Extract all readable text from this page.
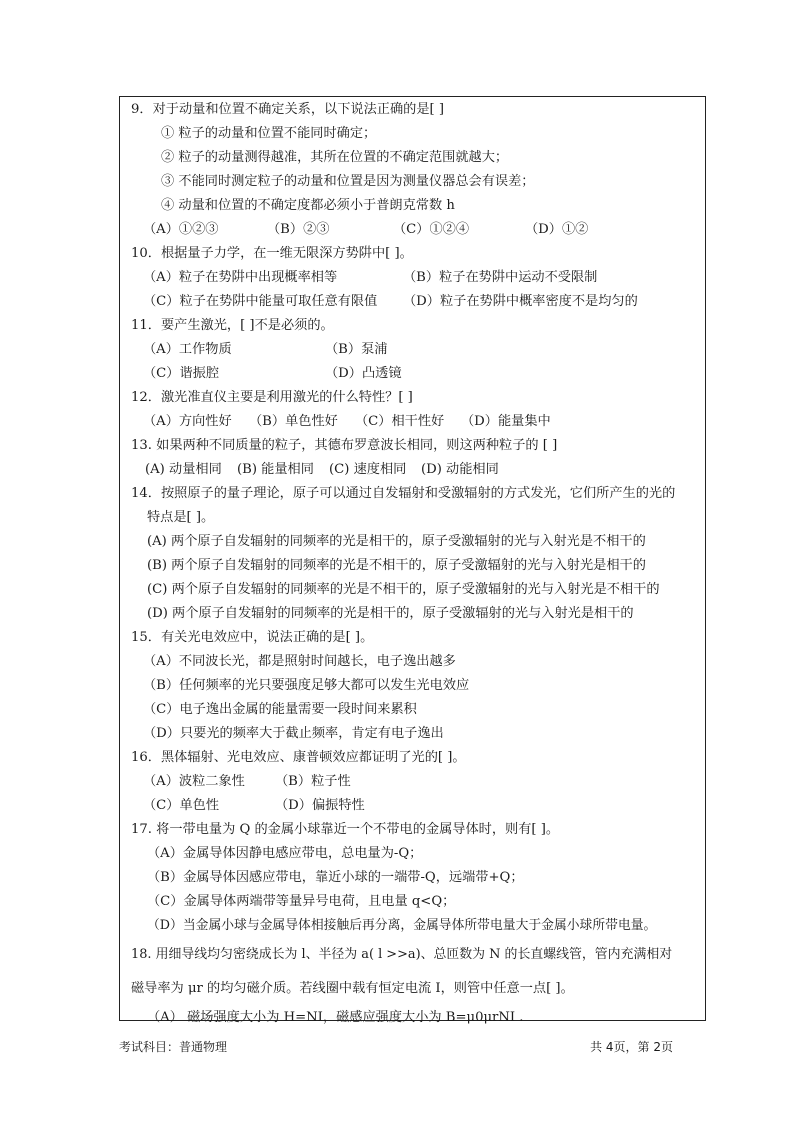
9．对于动量和位置不确定关系，以下说法正确的是[ ]
① 粒子的动量和位置不能同时确定；
② 粒子的动量测得越准，其所在位置的不确定范围就越大；
③ 不能同时测定粒子的动量和位置是因为测量仪器总会有误差；
④ 动量和位置的不确定度都必须小于普朗克常数 h
（A）①②③	（B）②③	（C）①②④	（D）①②
10．根据量子力学，在一维无限深方势阱中[ ]。
（A）粒子在势阱中出现概率相等	（B）粒子在势阱中运动不受限制
（C）粒子在势阱中能量可取任意有限值	（D）粒子在势阱中概率密度不是均匀的
11．要产生激光，[ ]不是必须的。
（A）工作物质	（B）泵浦
（C）谐振腔	（D）凸透镜
12．激光准直仪主要是利用激光的什么特性？[ ]
（A）方向性好	（B）单色性好	（C）相干性好	（D）能量集中
13. 如果两种不同质量的粒子，其德布罗意波长相同，则这两种粒子的 [ ]
(A) 动量相同	(B) 能量相同	(C) 速度相同	(D) 动能相同
14．按照原子的量子理论，原子可以通过自发辐射和受激辐射的方式发光，它们所产生的光的
特点是[ ]。
(A) 两个原子自发辐射的同频率的光是相干的，原子受激辐射的光与入射光是不相干的
(B) 两个原子自发辐射的同频率的光是不相干的，原子受激辐射的光与入射光是相干的
(C) 两个原子自发辐射的同频率的光是不相干的，原子受激辐射的光与入射光是不相干的
(D) 两个原子自发辐射的同频率的光是相干的，原子受激辐射的光与入射光是相干的
15．有关光电效应中，说法正确的是[ ]。
（A）不同波长光，都是照射时间越长，电子逸出越多
（B）任何频率的光只要强度足够大都可以发生光电效应
（C）电子逸出金属的能量需要一段时间来累积
（D）只要光的频率大于截止频率，肯定有电子逸出
16．黑体辐射、光电效应、康普顿效应都证明了光的[ ]。
（A）波粒二象性	（B）粒子性
（C）单色性	（D）偏振特性
17. 将一带电量为 Q 的金属小球靠近一个不带电的金属导体时，则有[ ]。
（A）金属导体因静电感应带电，总电量为-Q；
（B）金属导体因感应带电，靠近小球的一端带-Q，远端带+Q；
（C）金属导体两端带等量异号电荷，且电量 q<Q；
（D）当金属小球与金属导体相接触后再分离，金属导体所带电量大于金属小球所带电量。
18. 用细导线均匀密绕成长为 l、半径为 a( l >>a)、总匝数为 N 的长直螺线管，管内充满相对
磁导率为 μr 的均匀磁介质。若线圈中载有恒定电流 I，则管中任意一点[ ]。
（A） 磁场强度大小为 H=NI，磁感应强度大小为 B=μ0μrNI .
考试科目：普通物理	共 4页，第 2页
